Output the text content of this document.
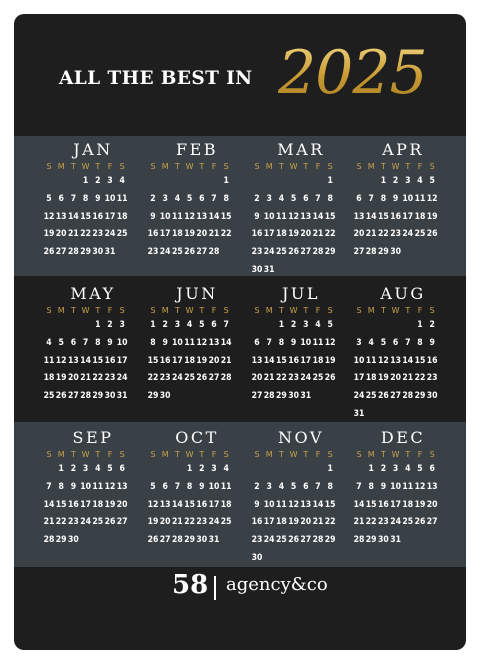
ALL THE BEST IN 2025
JAN
S M T W T F S
1 2 3 4
5 6 7 8 9 10 11
12 13 14 15 16 17 18
19 20 21 22 23 24 25
26 27 28 29 30 31
FEB
S M T W T F S
1
2 3 4 5 6 7 8
9 10 11 12 13 14 15
16 17 18 19 20 21 22
23 24 25 26 27 28
MAR
S M T W T F S
1
2 3 4 5 6 7 8
9 10 11 12 13 14 15
16 17 18 19 20 21 22
23 24 25 26 27 28 29
30 31
APR
S M T W T F S
1 2 3 4 5
6 7 8 9 10 11 12
13 14 15 16 17 18 19
20 21 22 23 24 25 26
27 28 29 30
MAY
S M T W T F S
1 2 3
4 5 6 7 8 9 10
11 12 13 14 15 16 17
18 19 20 21 22 23 24
25 26 27 28 29 30 31
JUN
S M T W T F S
1 2 3 4 5 6 7
8 9 10 11 12 13 14
15 16 17 18 19 20 21
22 23 24 25 26 27 28
29 30
JUL
S M T W T F S
1 2 3 4 5
6 7 8 9 10 11 12
13 14 15 16 17 18 19
20 21 22 23 24 25 26
27 28 29 30 31
AUG
S M T W T F S
1 2
3 4 5 6 7 8 9
10 11 12 13 14 15 16
17 18 19 20 21 22 23
24 25 26 27 28 29 30
31
SEP
S M T W T F S
1 2 3 4 5 6
7 8 9 10 11 12 13
14 15 16 17 18 19 20
21 22 23 24 25 26 27
28 29 30
OCT
S M T W T F S
1 2 3 4
5 6 7 8 9 10 11
12 13 14 15 16 17 18
19 20 21 22 23 24 25
26 27 28 29 30 31
NOV
S M T W T F S
1
2 3 4 5 6 7 8
9 10 11 12 13 14 15
16 17 18 19 20 21 22
23 24 25 26 27 28 29
30
DEC
S M T W T F S
1 2 3 4 5 6
7 8 9 10 11 12 13
14 15 16 17 18 19 20
21 22 23 24 25 26 27
28 29 30 31
58 agency&co
